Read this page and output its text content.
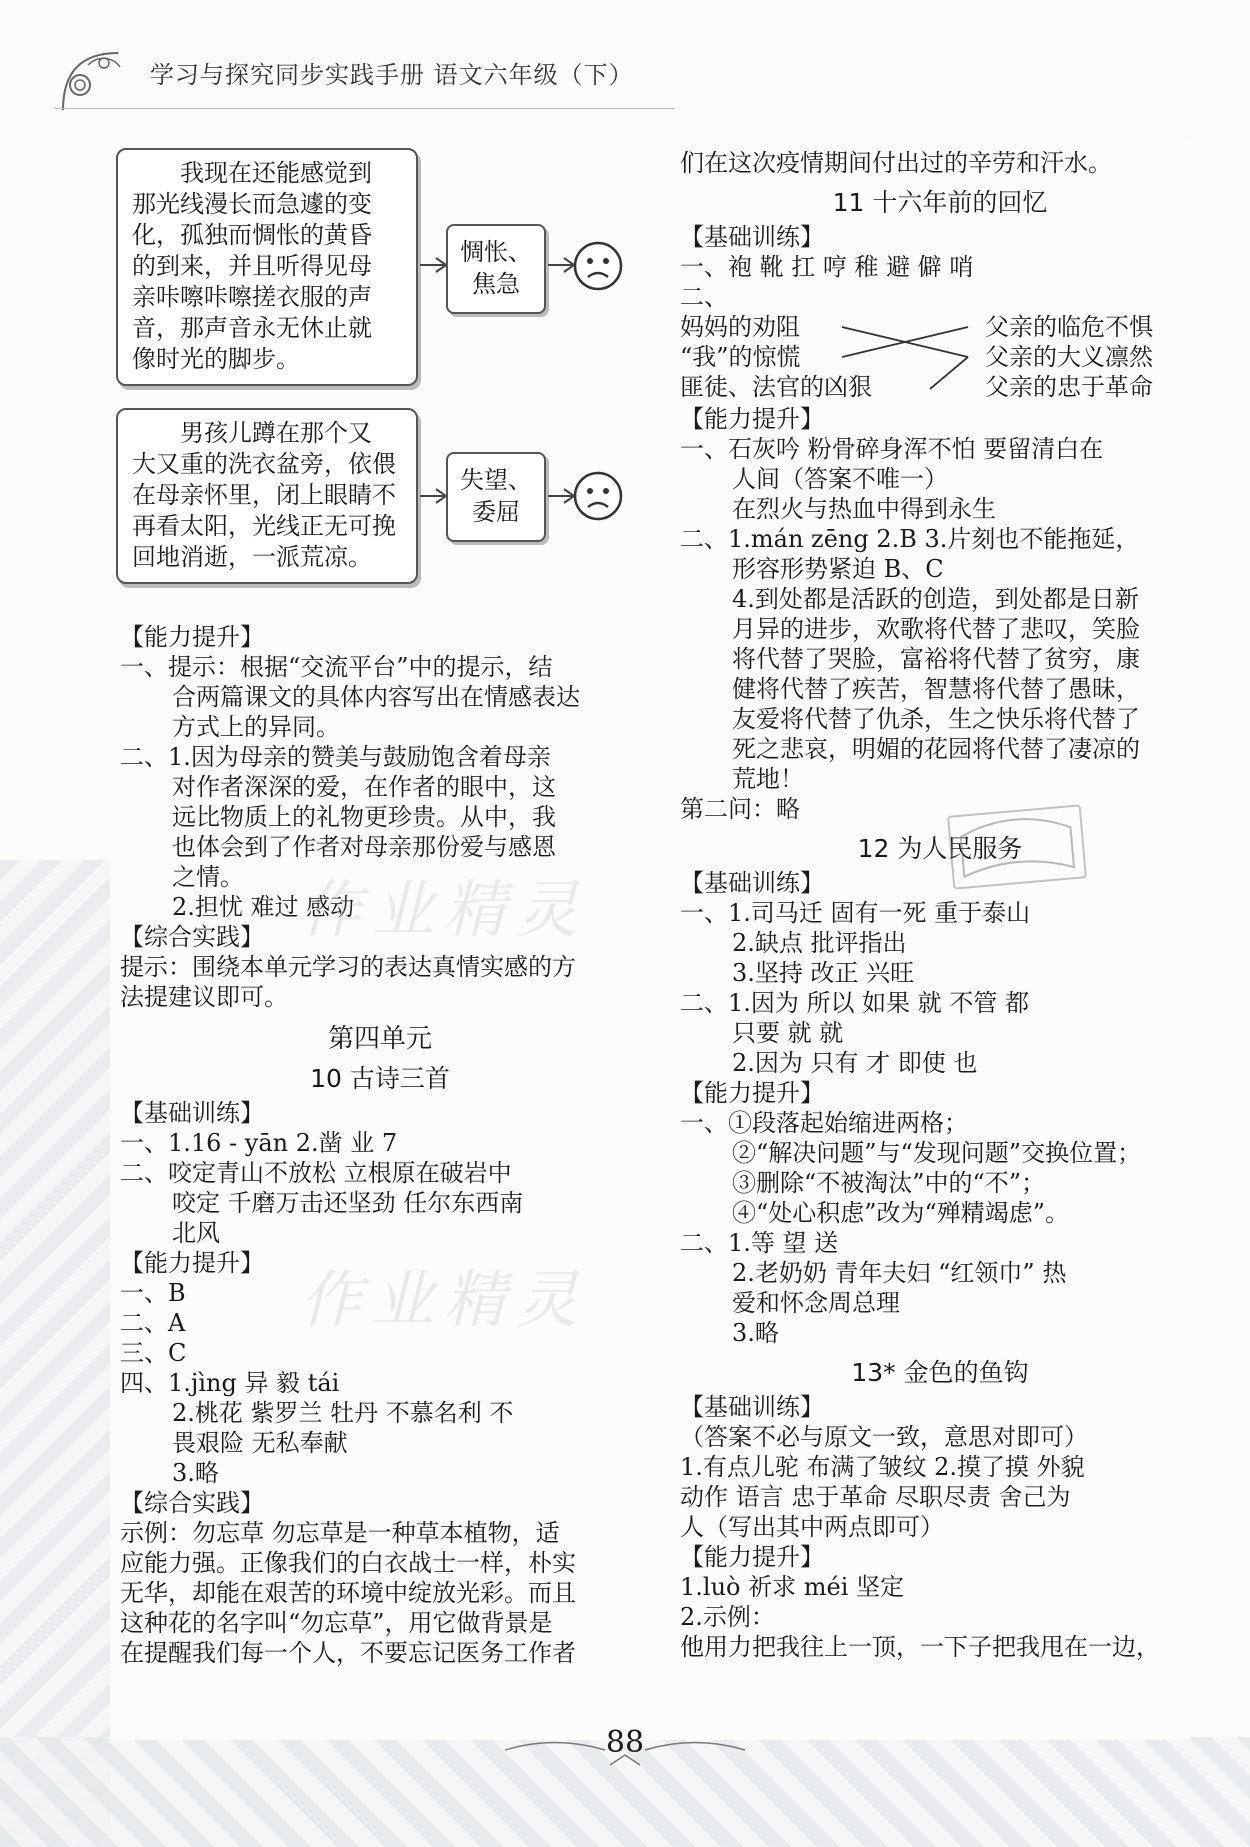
学习与探究同步实践手册 语文六年级（下）

我现在还能感觉到

那光线漫长而急遽的变

化，孤独而惆怅的黄昏

的到来，并且听得见母

亲咔嚓咔嚓搓衣服的声

音，那声音永无休止就

像时光的脚步。

惆怅、
焦急

男孩儿蹲在那个又

大又重的洗衣盆旁，依偎

在母亲怀里，闭上眼睛不

再看太阳，光线正无可挽

回地消逝，一派荒凉。

失望、
委屈

【能力提升】

一、提示：根据“交流平台”中的提示，结

合两篇课文的具体内容写出在情感表达

方式上的异同。

二、1.因为母亲的赞美与鼓励饱含着母亲

对作者深深的爱，在作者的眼中，这

远比物质上的礼物更珍贵。从中，我

也体会到了作者对母亲那份爱与感恩

之情。

2.担忧 难过 感动

【综合实践】

提示：围绕本单元学习的表达真情实感的方

法提建议即可。

第四单元
10 古诗三首

【基础训练】

一、1.16 - yān 2.凿 业 7

二、咬定青山不放松 立根原在破岩中

咬定 千磨万击还坚劲 任尔东西南

北风

【能力提升】

一、B

二、A

三、C

四、1.jìng 异 毅 tái

2.桃花 紫罗兰 牡丹 不慕名利 不

畏艰险 无私奉献

3.略

【综合实践】

示例：勿忘草 勿忘草是一种草本植物，适

应能力强。正像我们的白衣战士一样，朴实

无华，却能在艰苦的环境中绽放光彩。而且

这种花的名字叫“勿忘草”，用它做背景是

在提醒我们每一个人，不要忘记医务工作者

们在这次疫情期间付出过的辛劳和汗水。

11 十六年前的回忆

【基础训练】

一、袍 靴 扛 哼 稚 避 僻 哨

二、

妈妈的劝阻

“我”的惊慌

匪徒、法官的凶狠

父亲的临危不惧

父亲的大义凛然

父亲的忠于革命

【能力提升】

一、石灰吟 粉骨碎身浑不怕 要留清白在

人间（答案不唯一）

在烈火与热血中得到永生

二、1.mán zēng 2.B 3.片刻也不能拖延，

形容形势紧迫 B、C

4.到处都是活跃的创造，到处都是日新

月异的进步，欢歌将代替了悲叹，笑脸

将代替了哭脸，富裕将代替了贫穷，康

健将代替了疾苦，智慧将代替了愚昧，

友爱将代替了仇杀，生之快乐将代替了

死之悲哀，明媚的花园将代替了凄凉的

荒地！

第二问：略

12 为人民服务

【基础训练】

一、1.司马迁 固有一死 重于泰山

2.缺点 批评指出

3.坚持 改正 兴旺

二、1.因为 所以 如果 就 不管 都

只要 就 就

2.因为 只有 才 即使 也

【能力提升】

一、①段落起始缩进两格；

②“解决问题”与“发现问题”交换位置；

③删除“不被淘汰”中的“不”；

④“处心积虑”改为“殚精竭虑”。

二、1.等 望 送

2.老奶奶 青年夫妇 “红领巾” 热

爱和怀念周总理

3.略

13* 金色的鱼钩

【基础训练】

（答案不必与原文一致，意思对即可）

1.有点儿驼 布满了皱纹 2.摸了摸 外貌

动作 语言 忠于革命 尽职尽责 舍己为

人（写出其中两点即可）

【能力提升】

1.luò 祈求 méi 坚定

2.示例：

他用力把我往上一顶，一下子把我甩在一边，

作业精灵
作业精灵
88
